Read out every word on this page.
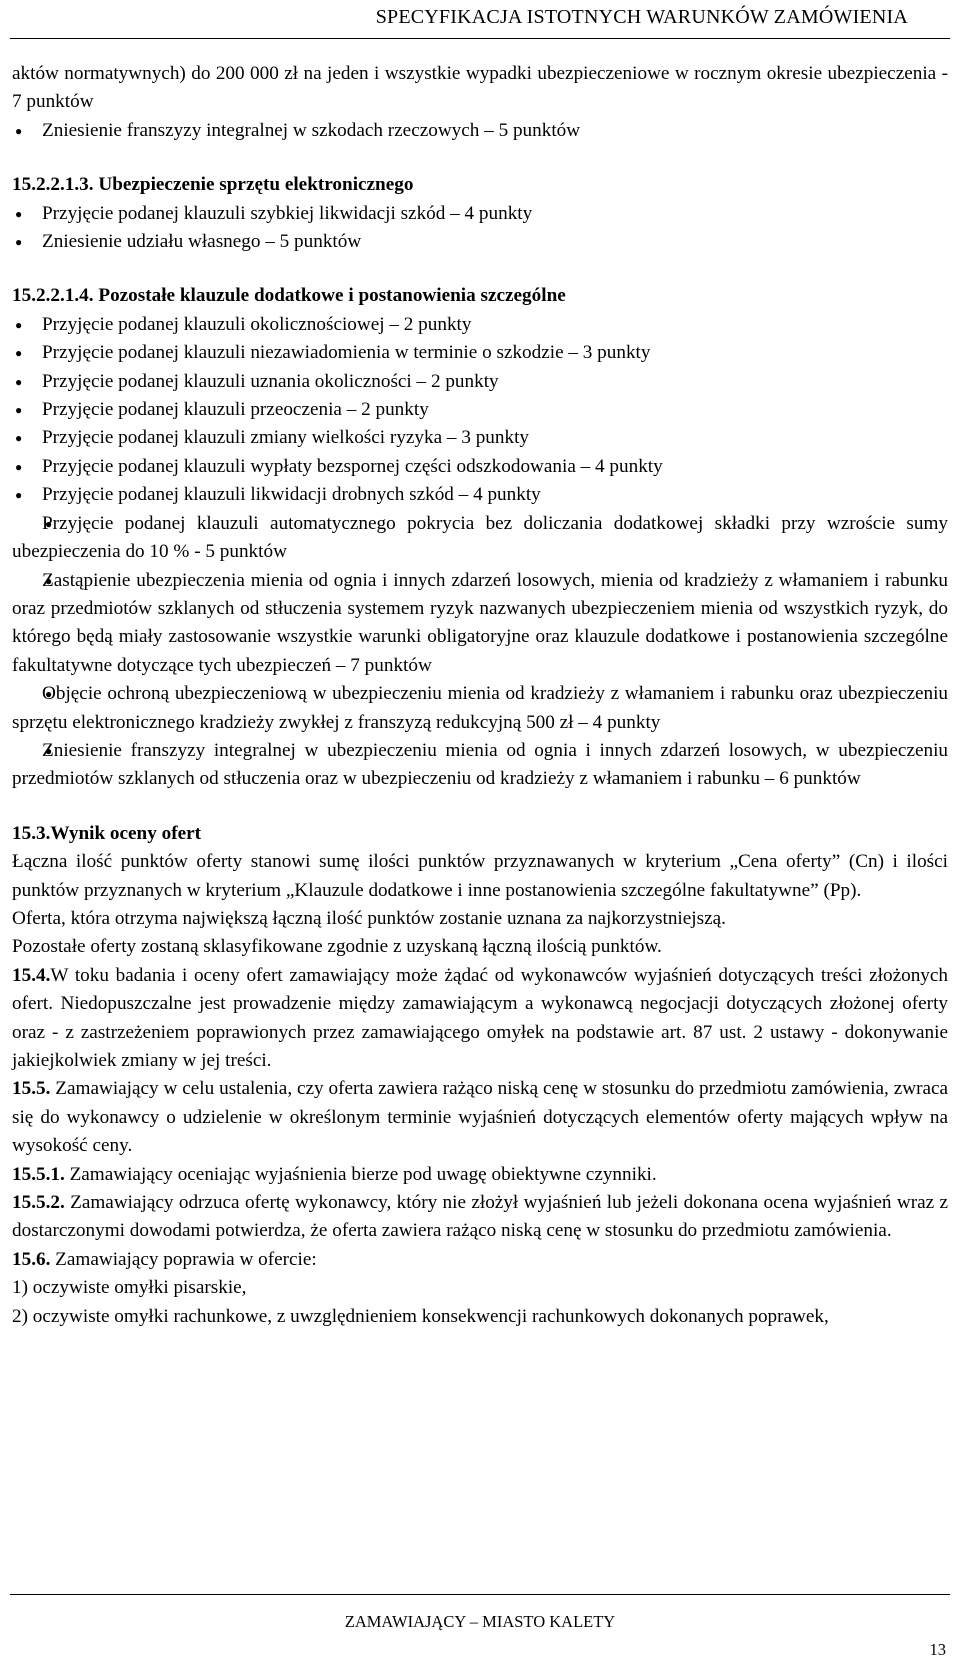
SPECYFIKACJA ISTOTNYCH WARUNKÓW ZAMÓWIENIA

aktów normatywnych) do 200 000 zł na jeden i wszystkie wypadki ubezpieczeniowe w rocznym okresie ubezpieczenia - 7 punktów

● Zniesienie franszyzy integralnej w szkodach rzeczowych – 5 punktów

15.2.2.1.3. Ubezpieczenie sprzętu elektronicznego

● Przyjęcie podanej klauzuli szybkiej likwidacji szkód – 4 punkty

● Zniesienie udziału własnego – 5 punktów

15.2.2.1.4. Pozostałe klauzule dodatkowe i postanowienia szczególne

● Przyjęcie podanej klauzuli okolicznościowej – 2 punkty

● Przyjęcie podanej klauzuli niezawiadomienia w terminie o szkodzie – 3 punkty

● Przyjęcie podanej klauzuli uznania okoliczności – 2 punkty

● Przyjęcie podanej klauzuli przeoczenia – 2 punkty

● Przyjęcie podanej klauzuli zmiany wielkości ryzyka – 3 punkty

● Przyjęcie podanej klauzuli wypłaty bezspornej części odszkodowania – 4 punkty

● Przyjęcie podanej klauzuli likwidacji drobnych szkód – 4 punkty

● Przyjęcie podanej klauzuli automatycznego pokrycia bez doliczania dodatkowej składki przy wzroście sumy ubezpieczenia do 10 % - 5 punktów

● Zastąpienie ubezpieczenia mienia od ognia i innych zdarzeń losowych, mienia od kradzieży z włamaniem i rabunku oraz przedmiotów szklanych od stłuczenia systemem ryzyk nazwanych ubezpieczeniem mienia od wszystkich ryzyk, do którego będą miały zastosowanie wszystkie warunki obligatoryjne oraz klauzule dodatkowe i postanowienia szczególne fakultatywne dotyczące tych ubezpieczeń – 7 punktów

● Objęcie ochroną ubezpieczeniową w ubezpieczeniu mienia od kradzieży z włamaniem i rabunku oraz ubezpieczeniu sprzętu elektronicznego kradzieży zwykłej z franszyzą redukcyjną 500 zł – 4 punkty

● Zniesienie franszyzy integralnej w ubezpieczeniu mienia od ognia i innych zdarzeń losowych, w ubezpieczeniu przedmiotów szklanych od stłuczenia oraz w ubezpieczeniu od kradzieży z włamaniem i rabunku – 6 punktów

15.3.Wynik oceny ofert

Łączna ilość punktów oferty stanowi sumę ilości punktów przyznawanych w kryterium „Cena oferty” (Cn) i ilości punktów przyznanych w kryterium „Klauzule dodatkowe i inne postanowienia szczególne fakultatywne” (Pp).

Oferta, która otrzyma największą łączną ilość punktów zostanie uznana za najkorzystniejszą.

Pozostałe oferty zostaną sklasyfikowane zgodnie z uzyskaną łączną ilością punktów.

15.4.W toku badania i oceny ofert zamawiający może żądać od wykonawców wyjaśnień dotyczących treści złożonych ofert. Niedopuszczalne jest prowadzenie między zamawiającym a wykonawcą negocjacji dotyczących złożonej oferty oraz - z zastrzeżeniem poprawionych przez zamawiającego omyłek na podstawie art. 87 ust. 2 ustawy - dokonywanie jakiejkolwiek zmiany w jej treści.

15.5. Zamawiający w celu ustalenia, czy oferta zawiera rażąco niską cenę w stosunku do przedmiotu zamówienia, zwraca się do wykonawcy o udzielenie w określonym terminie wyjaśnień dotyczących elementów oferty mających wpływ na wysokość ceny.

15.5.1. Zamawiający oceniając wyjaśnienia bierze pod uwagę obiektywne czynniki.

15.5.2. Zamawiający odrzuca ofertę wykonawcy, który nie złożył wyjaśnień lub jeżeli dokonana ocena wyjaśnień wraz z dostarczonymi dowodami potwierdza, że oferta zawiera rażąco niską cenę w stosunku do przedmiotu zamówienia.

15.6. Zamawiający poprawia w ofercie:

1) oczywiste omyłki pisarskie,

2) oczywiste omyłki rachunkowe, z uwzględnieniem konsekwencji rachunkowych dokonanych poprawek,

ZAMAWIAJĄCY – MIASTO KALETY
13
